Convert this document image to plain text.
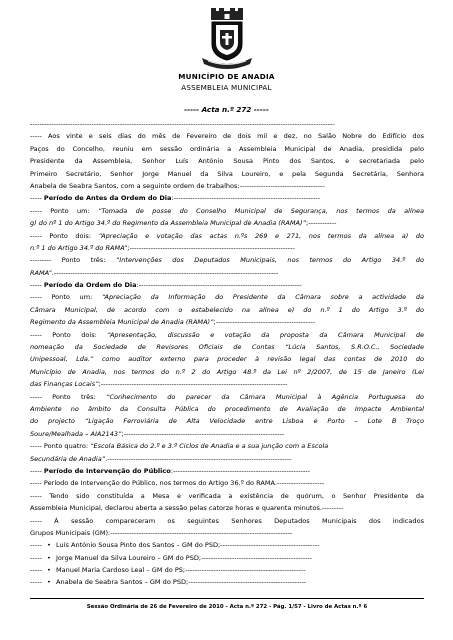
MUNICÍPIO DE ANADIA
ASSEMBLEIA MUNICIPAL
----- Acta n.º 272 -----
---------------------------------------------------------------------------------------------------------------------------------
----- Aos vinte e seis dias do mês de Fevereiro de dois mil e dez, no Salão Nobre do Edifício dos
Paços do Concelho, reuniu em sessão ordinária a Assembleia Municipal de Anadia, presidida pelo
Presidente da Assembleia, Senhor Luís António Sousa Pinto dos Santos, e secretariada pelo
Primeiro Secretário, Senhor Jorge Manuel da Silva Loureiro, e pela Segunda Secretária, Senhora
Anabela de Seabra Santos, com a seguinte ordem de trabalhos:------------------------------------
----- Período de Antes da Ordem do Dia:--------------------------------------------------------------
----- Ponto um: “Tomada de posse do Conselho Municipal de Segurança, nos termos da alínea
g) do nº 1 do Artigo 34.º do Regimento da Assembleia Municipal de Anadia (RAMA)”;------------
----- Ponto dois: “Apreciação e votação das actas n.ºs 269 e 271, nos termos da alínea a) do
n.º 1 do Artigo 34.º do RAMA”;----------------------------------------------------------------------
--------- Ponto três: “Intervenções dos Deputados Municipais, nos termos do Artigo 34.º do
RAMA”.-----------------------------------------------------------------------------------------------
----- Período da Ordem do Dia:---------------------------------------------------------------------
----- Ponto um: “Apreciação da Informação do Presidente da Câmara sobre a actividade da
Câmara Municipal, de acordo com o estabelecido na alínea e) do n.º 1 do Artigo 3.º do
Regimento da Assembleia Municipal de Anadia (RAMA)”;------------------------------------------
----- Ponto dois: “Apresentação, discussão e votação da proposta da Câmara Municipal de
nomeação da Sociedade de Revisores Oficiais de Contas “Lúcia Santos, S.R.O.C., Sociedade
Unipessoal, Lda.” como auditor externo para proceder à revisão legal das contas de 2010 do
Município de Anadia, nos termos do n.º 2 do Artigo 48.º da Lei nº 2/2007, de 15 de Janeiro (Lei
das Finanças Locais”;-------------------------------------------------------------------------------
----- Ponto três: “Conhecimento do parecer da Câmara Municipal à Agência Portuguesa do
Ambiente no âmbito da Consulta Pública do procedimento de Avaliação de Impacte Ambiental
do projecto “Ligação Ferroviária de Alta Velocidade entre Lisboa e Porto – Lote B Troço
Soure/Mealhada – AIA2143”;--------------------------------------------------------------------
----- Ponto quatro: “Escola Básica do 2.º e 3.º Ciclos de Anadia e a sua junção com a Escola
Secundária de Anadia”.------------------------------------------------------------------------------
----- Período de Intervenção do Público:----------------------------------------------------------
----- Período de Intervenção do Público, nos termos do Artigo 36.º do RAMA.--------------------
----- Tendo sido constituída a Mesa e verificada a existência de quórum, o Senhor Presidente da
Assembleia Municipal, declarou aberta a sessão pelas catorze horas e quarenta minutos.---------
----- À sessão compareceram os seguintes Senhores Deputados Municipais dos indicados
Grupos Municipais (GM):-----------------------------------------------------------------------------
----- • Luís António Sousa Pinto dos Santos – GM do PSD;------------------------------------------
----- • Jorge Manuel da Silva Loureiro – GM do PSD;-----------------------------------------------
----- • Manuel Maria Cardoso Leal – GM do PS;---------------------------------------------------
----- • Anabela de Seabra Santos – GM do PSD;--------------------------------------------------
Sessão Ordinária de 26 de Fevereiro de 2010 - Acta n.º 272 - Pág. 1/57 - Livro de Actas n.º 6
